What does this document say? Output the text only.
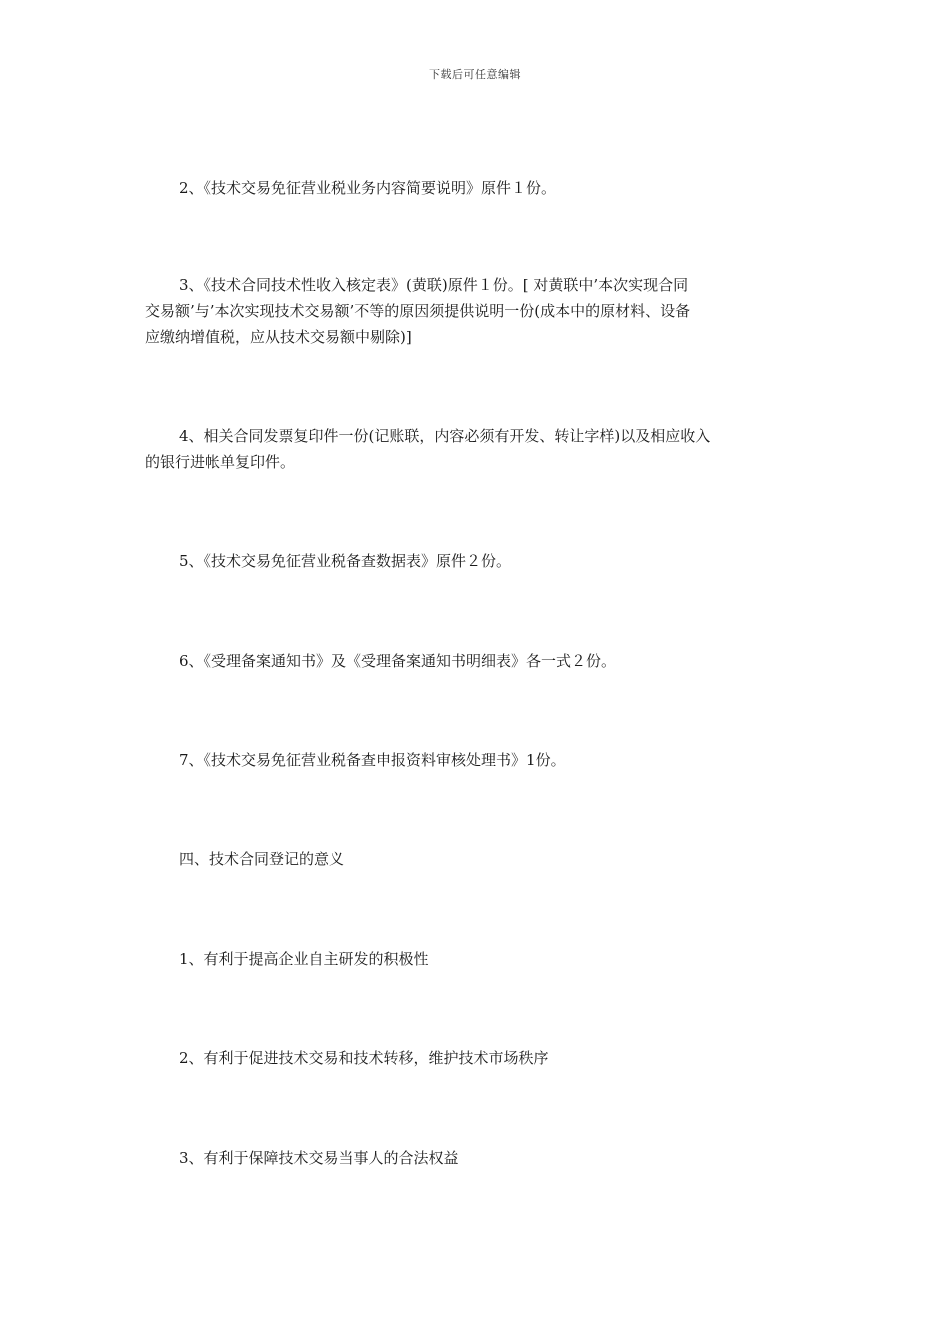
下载后可任意编辑

2、《技术交易免征营业税业务内容简要说明》原件１份。

3、《技术合同技术性收入核定表》(黄联)原件１份。[ 对黄联中’本次实现合同
交易额’与’本次实现技术交易额’不等的原因须提供说明一份(成本中的原材料、设备
应缴纳增值税，应从技术交易额中剔除)]
4、相关合同发票复印件一份(记账联，内容必须有开发、转让字样)以及相应收入
的银行进帐单复印件。

5、《技术交易免征营业税备查数据表》原件２份。

6、《受理备案通知书》及《受理备案通知书明细表》各一式２份。

7、《技术交易免征营业税备查申报资料审核处理书》1份。

四、技术合同登记的意义

1、有利于提高企业自主研发的积极性

2、有利于促进技术交易和技术转移，维护技术市场秩序

3、有利于保障技术交易当事人的合法权益
